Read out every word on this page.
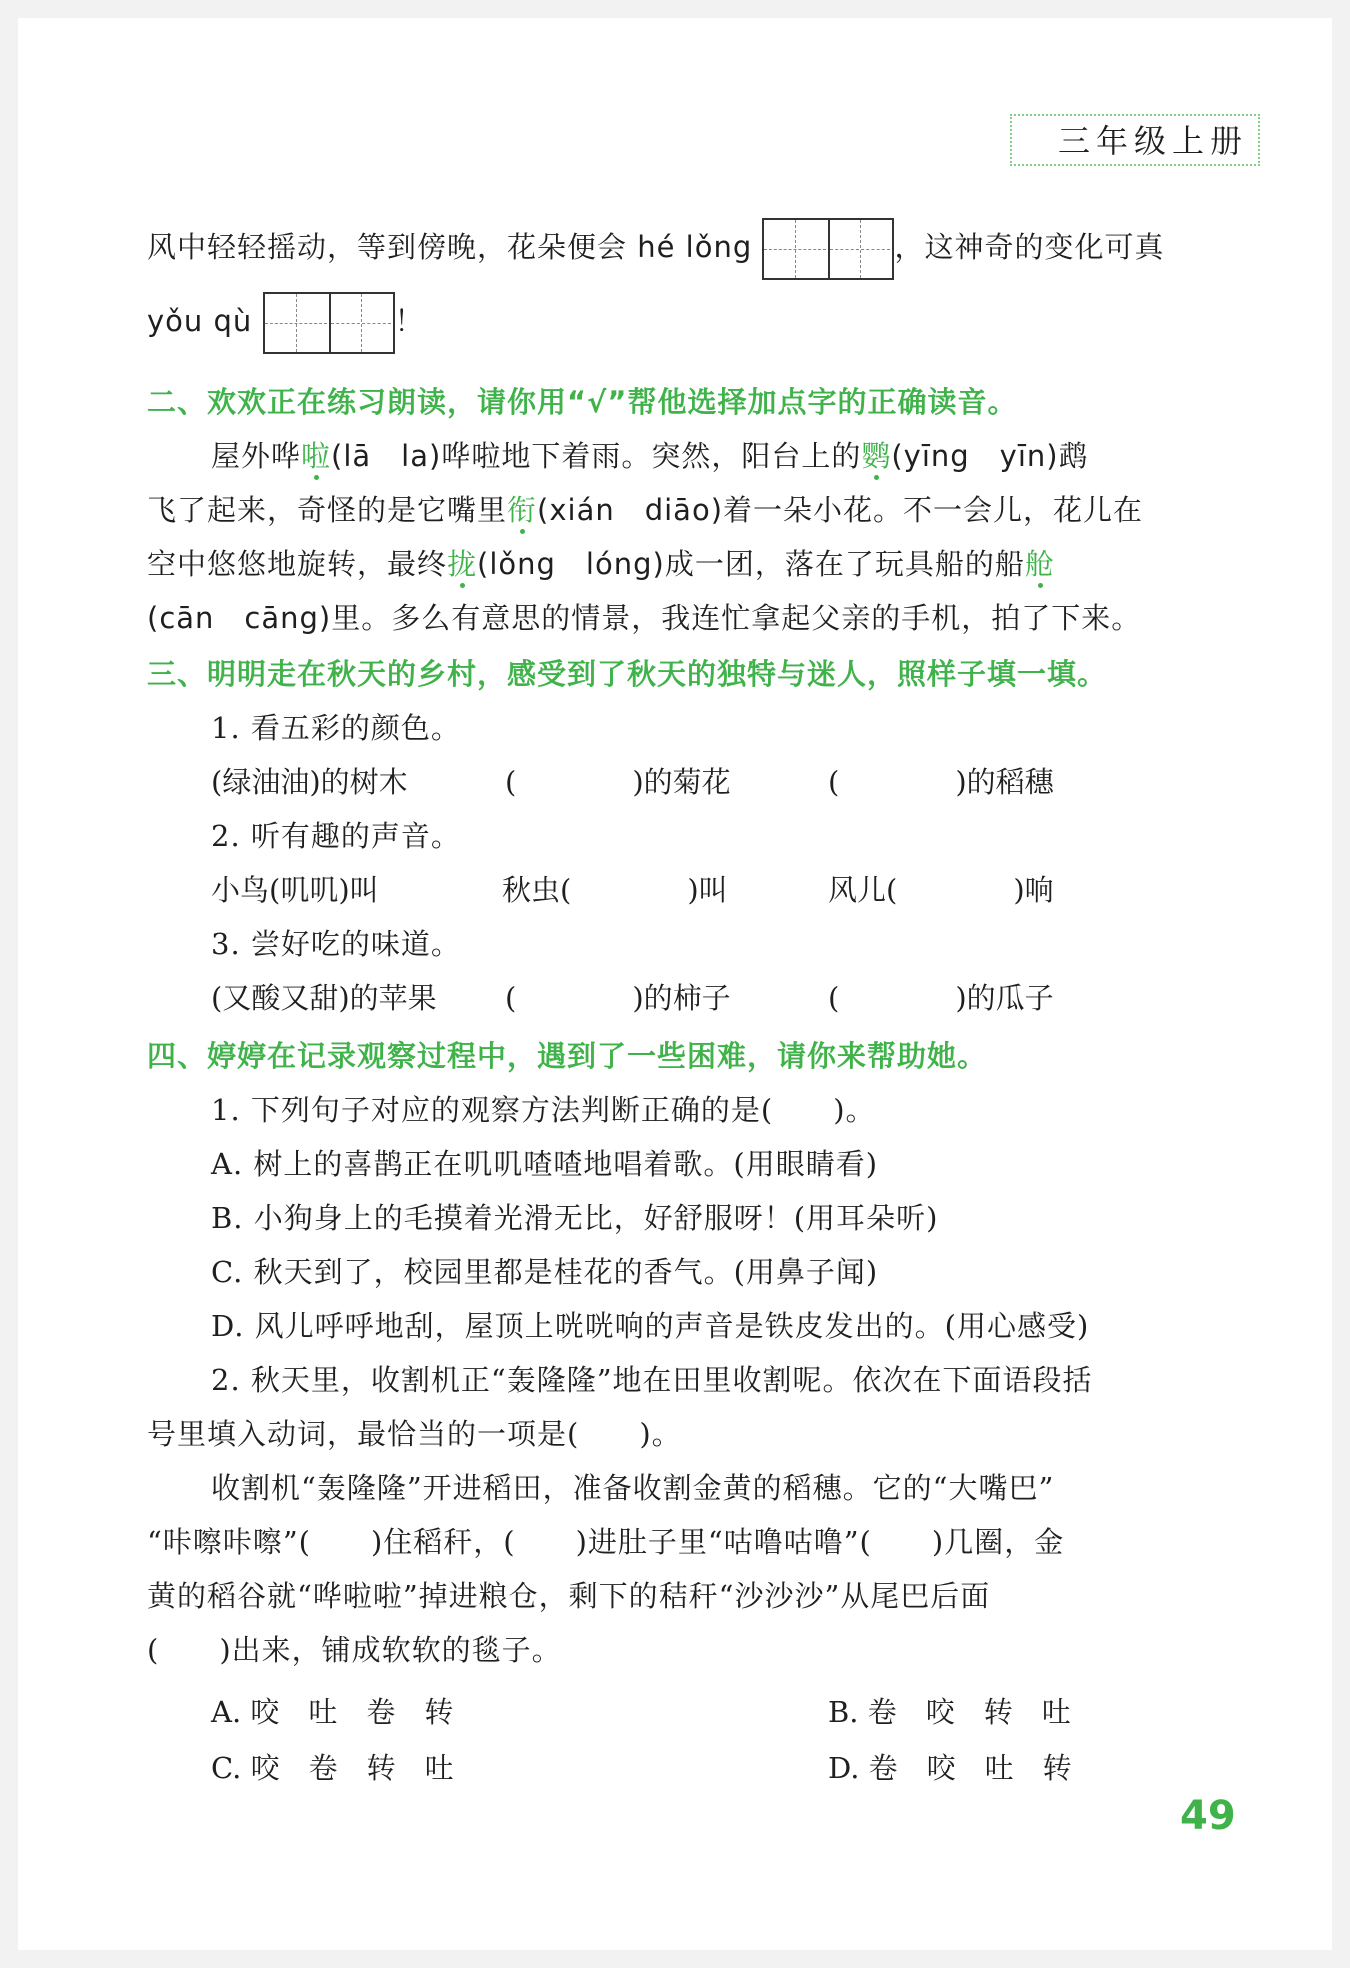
三年级上册
风中轻轻摇动，等到傍晚，花朵便会 hé lǒng	，这神奇的变化可真
yǒu qù	！
二、欢欢正在练习朗读，请你用“√”帮他选择加点字的正确读音。
屋外哗啦(lā　la)哗啦地下着雨。突然，阳台上的鹦(yīng　yīn)鹉
飞了起来，奇怪的是它嘴里衔(xián　diāo)着一朵小花。不一会儿，花儿在
空中悠悠地旋转，最终拢(lǒng　lóng)成一团，落在了玩具船的船舱
(cān　cāng)里。多么有意思的情景，我连忙拿起父亲的手机，拍了下来。
三、明明走在秋天的乡村，感受到了秋天的独特与迷人，照样子填一填。
1. 看五彩的颜色。
(绿油油)的树木	(　　　　)的菊花	(　　　　)的稻穗
2. 听有趣的声音。
小鸟(叽叽)叫	秋虫(　　　　)叫	风儿(　　　　)响
3. 尝好吃的味道。
(又酸又甜)的苹果 (　　　　)的柿子	(　　　　)的瓜子
四、婷婷在记录观察过程中，遇到了一些困难，请你来帮助她。
1. 下列句子对应的观察方法判断正确的是(　　)。
A. 树上的喜鹊正在叽叽喳喳地唱着歌。(用眼睛看)
B. 小狗身上的毛摸着光滑无比，好舒服呀！(用耳朵听)
C. 秋天到了，校园里都是桂花的香气。(用鼻子闻)
D. 风儿呼呼地刮，屋顶上咣咣响的声音是铁皮发出的。(用心感受)
2. 秋天里，收割机正“轰隆隆”地在田里收割呢。依次在下面语段括
号里填入动词，最恰当的一项是(　　)。
收割机“轰隆隆”开进稻田，准备收割金黄的稻穗。它的“大嘴巴”
“咔嚓咔嚓”(　　)住稻秆，(　　)进肚子里“咕噜咕噜”(　　)几圈，金
黄的稻谷就“哗啦啦”掉进粮仓，剩下的秸秆“沙沙沙”从尾巴后面
(　　)出来，铺成软软的毯子。
A. 咬　吐　卷　转	B. 卷　咬　转　吐
C. 咬　卷　转　吐	D. 卷　咬　吐　转
49
